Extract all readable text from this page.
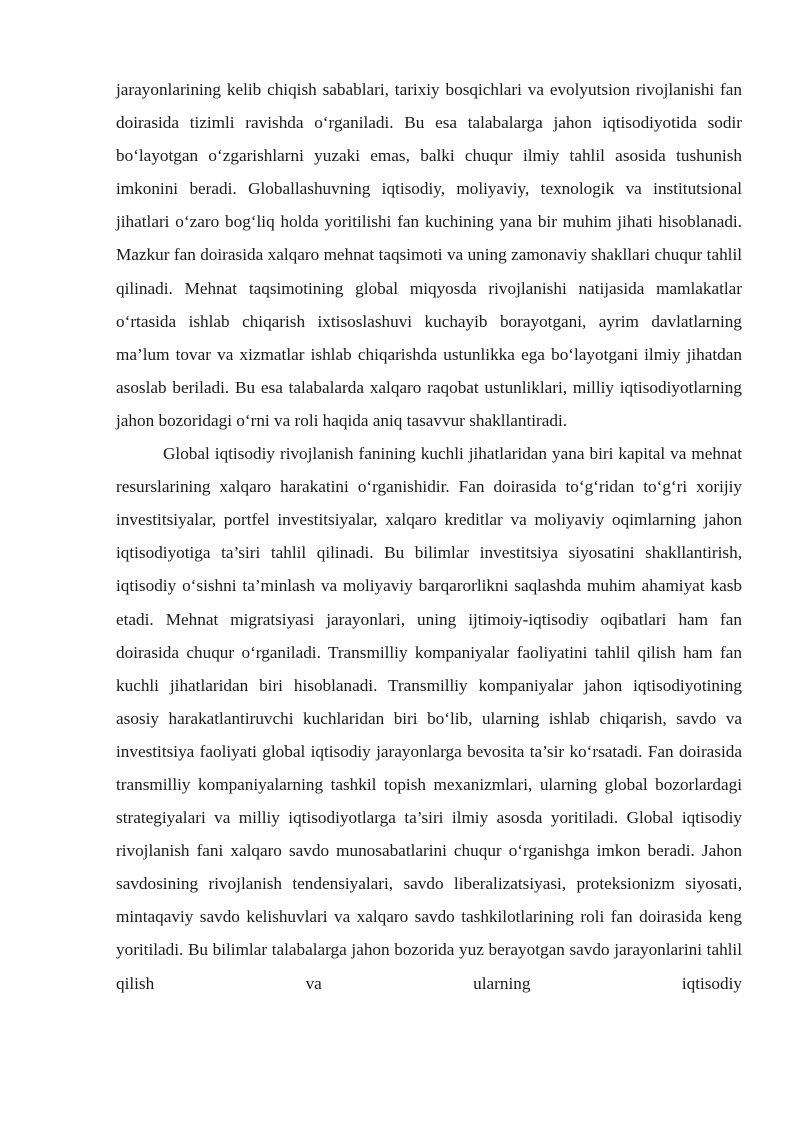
jarayonlarining kelib chiqish sabablari, tarixiy bosqichlari va evolyutsion rivojlanishi fan doirasida tizimli ravishda o‘rganiladi. Bu esa talabalarga jahon iqtisodiyotida sodir bo‘layotgan o‘zgarishlarni yuzaki emas, balki chuqur ilmiy tahlil asosida tushunish imkonini beradi. Globallashuvning iqtisodiy, moliyaviy, texnologik va institutsional jihatlari o‘zaro bog‘liq holda yoritilishi fan kuchining yana bir muhim jihati hisoblanadi. Mazkur fan doirasida xalqaro mehnat taqsimoti va uning zamonaviy shakllari chuqur tahlil qilinadi. Mehnat taqsimotining global miqyosda rivojlanishi natijasida mamlakatlar o‘rtasida ishlab chiqarish ixtisoslashuvi kuchayib borayotgani, ayrim davlatlarning ma’lum tovar va xizmatlar ishlab chiqarishda ustunlikka ega bo‘layotgani ilmiy jihatdan asoslab beriladi. Bu esa talabalarda xalqaro raqobat ustunliklari, milliy iqtisodiyotlarning jahon bozoridagi o‘rni va roli haqida aniq tasavvur shakllantiradi.

Global iqtisodiy rivojlanish fanining kuchli jihatlaridan yana biri kapital va mehnat resurslarining xalqaro harakatini o‘rganishidir. Fan doirasida to‘g‘ridan to‘g‘ri xorijiy investitsiyalar, portfel investitsiyalar, xalqaro kreditlar va moliyaviy oqimlarning jahon iqtisodiyotiga ta’siri tahlil qilinadi. Bu bilimlar investitsiya siyosatini shakllantirish, iqtisodiy o‘sishni ta’minlash va moliyaviy barqarorlikni saqlashda muhim ahamiyat kasb etadi. Mehnat migratsiyasi jarayonlari, uning ijtimoiy-iqtisodiy oqibatlari ham fan doirasida chuqur o‘rganiladi. Transmilliy kompaniyalar faoliyatini tahlil qilish ham fan kuchli jihatlaridan biri hisoblanadi. Transmilliy kompaniyalar jahon iqtisodiyotining asosiy harakatlantiruvchi kuchlaridan biri bo‘lib, ularning ishlab chiqarish, savdo va investitsiya faoliyati global iqtisodiy jarayonlarga bevosita ta’sir ko‘rsatadi. Fan doirasida transmilliy kompaniyalarning tashkil topish mexanizmlari, ularning global bozorlardagi strategiyalari va milliy iqtisodiyotlarga ta’siri ilmiy asosda yoritiladi. Global iqtisodiy rivojlanish fani xalqaro savdo munosabatlarini chuqur o‘rganishga imkon beradi. Jahon savdosining rivojlanish tendensiyalari, savdo liberalizatsiyasi, proteksionizm siyosati, mintaqaviy savdo kelishuvlari va xalqaro savdo tashkilotlarining roli fan doirasida keng yoritiladi. Bu bilimlar talabalarga jahon bozorida yuz berayotgan savdo jarayonlarini tahlil qilish va ularning iqtisodiy
